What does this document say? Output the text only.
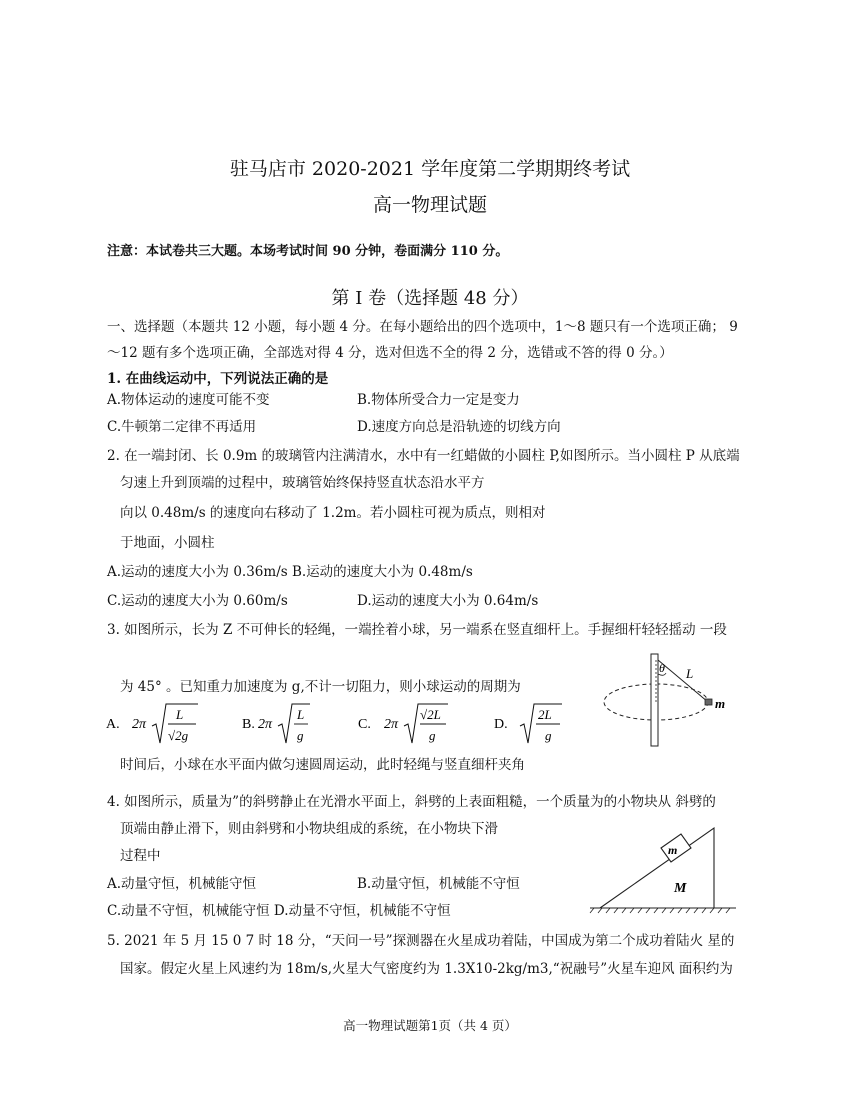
驻马店市 2020-2021 学年度第二学期期终考试
高一物理试题
注意：本试卷共三大题。本场考试时间 90 分钟，卷面满分 110 分。
第 I 卷（选择题 48 分）
一、选择题（本题共 12 小题，每小题 4 分。在每小题给出的四个选项中，1～8 题只有一个选项正确； 9
～12 题有多个选项正确，全部选对得 4 分，选对但选不全的得 2 分，选错或不答的得 0 分。）
1. 在曲线运动中，下列说法正确的是
A.物体运动的速度可能不变	B.物体所受合力一定是变力
C.牛顿第二定律不再适用	D.速度方向总是沿轨迹的切线方向
2. 在一端封闭、长 0.9m 的玻璃管内注满清水，水中有一红蜡做的小圆柱 P,如图所示。当小圆柱 P 从底端
匀速上升到顶端的过程中，玻璃管始终保持竖直状态沿水平方
向以 0.48m/s 的速度向右移动了 1.2m。若小圆柱可视为质点，则相对
于地面，小圆柱
A.运动的速度大小为 0.36m/s B.运动的速度大小为 0.48m/s
C.运动的速度大小为 0.60m/s	D.运动的速度大小为 0.64m/s
3. 如图所示，长为 Z 不可伸长的轻绳，一端拴着小球，另一端系在竖直细杆上。手握细杆轻轻摇动 一段
为 45° 。已知重力加速度为 g,不计一切阻力，则小球运动的周期为
时间后，小球在水平面内做匀速圆周运动，此时轻绳与竖直细杆夹角
A. 2π
L
√2g
B. 2π
L
g
C. 2π
√2L
g
D.
2L
g
θ L
m
4. 如图所示，质量为”的斜劈静止在光滑水平面上，斜劈的上表面粗糙，一个质量为的小物块从 斜劈的
顶端由静止滑下，则由斜劈和小物块组成的系统，在小物块下滑
过程中
A.动量守恒，机械能守恒	B.动量守恒，机械能不守恒
C.动量不守恒，机械能守恒 D.动量不守恒，机械能不守恒
m
M
5. 2021 年 5 月 15 0 7 时 18 分，“天问一号”探测器在火星成功着陆，中国成为第二个成功着陆火 星的
国家。假定火星上风速约为 18m/s,火星大气密度约为 1.3X10-2kg/m3,“祝融号”火星车迎风 面积约为
高一物理试题第1页（共 4 页）
